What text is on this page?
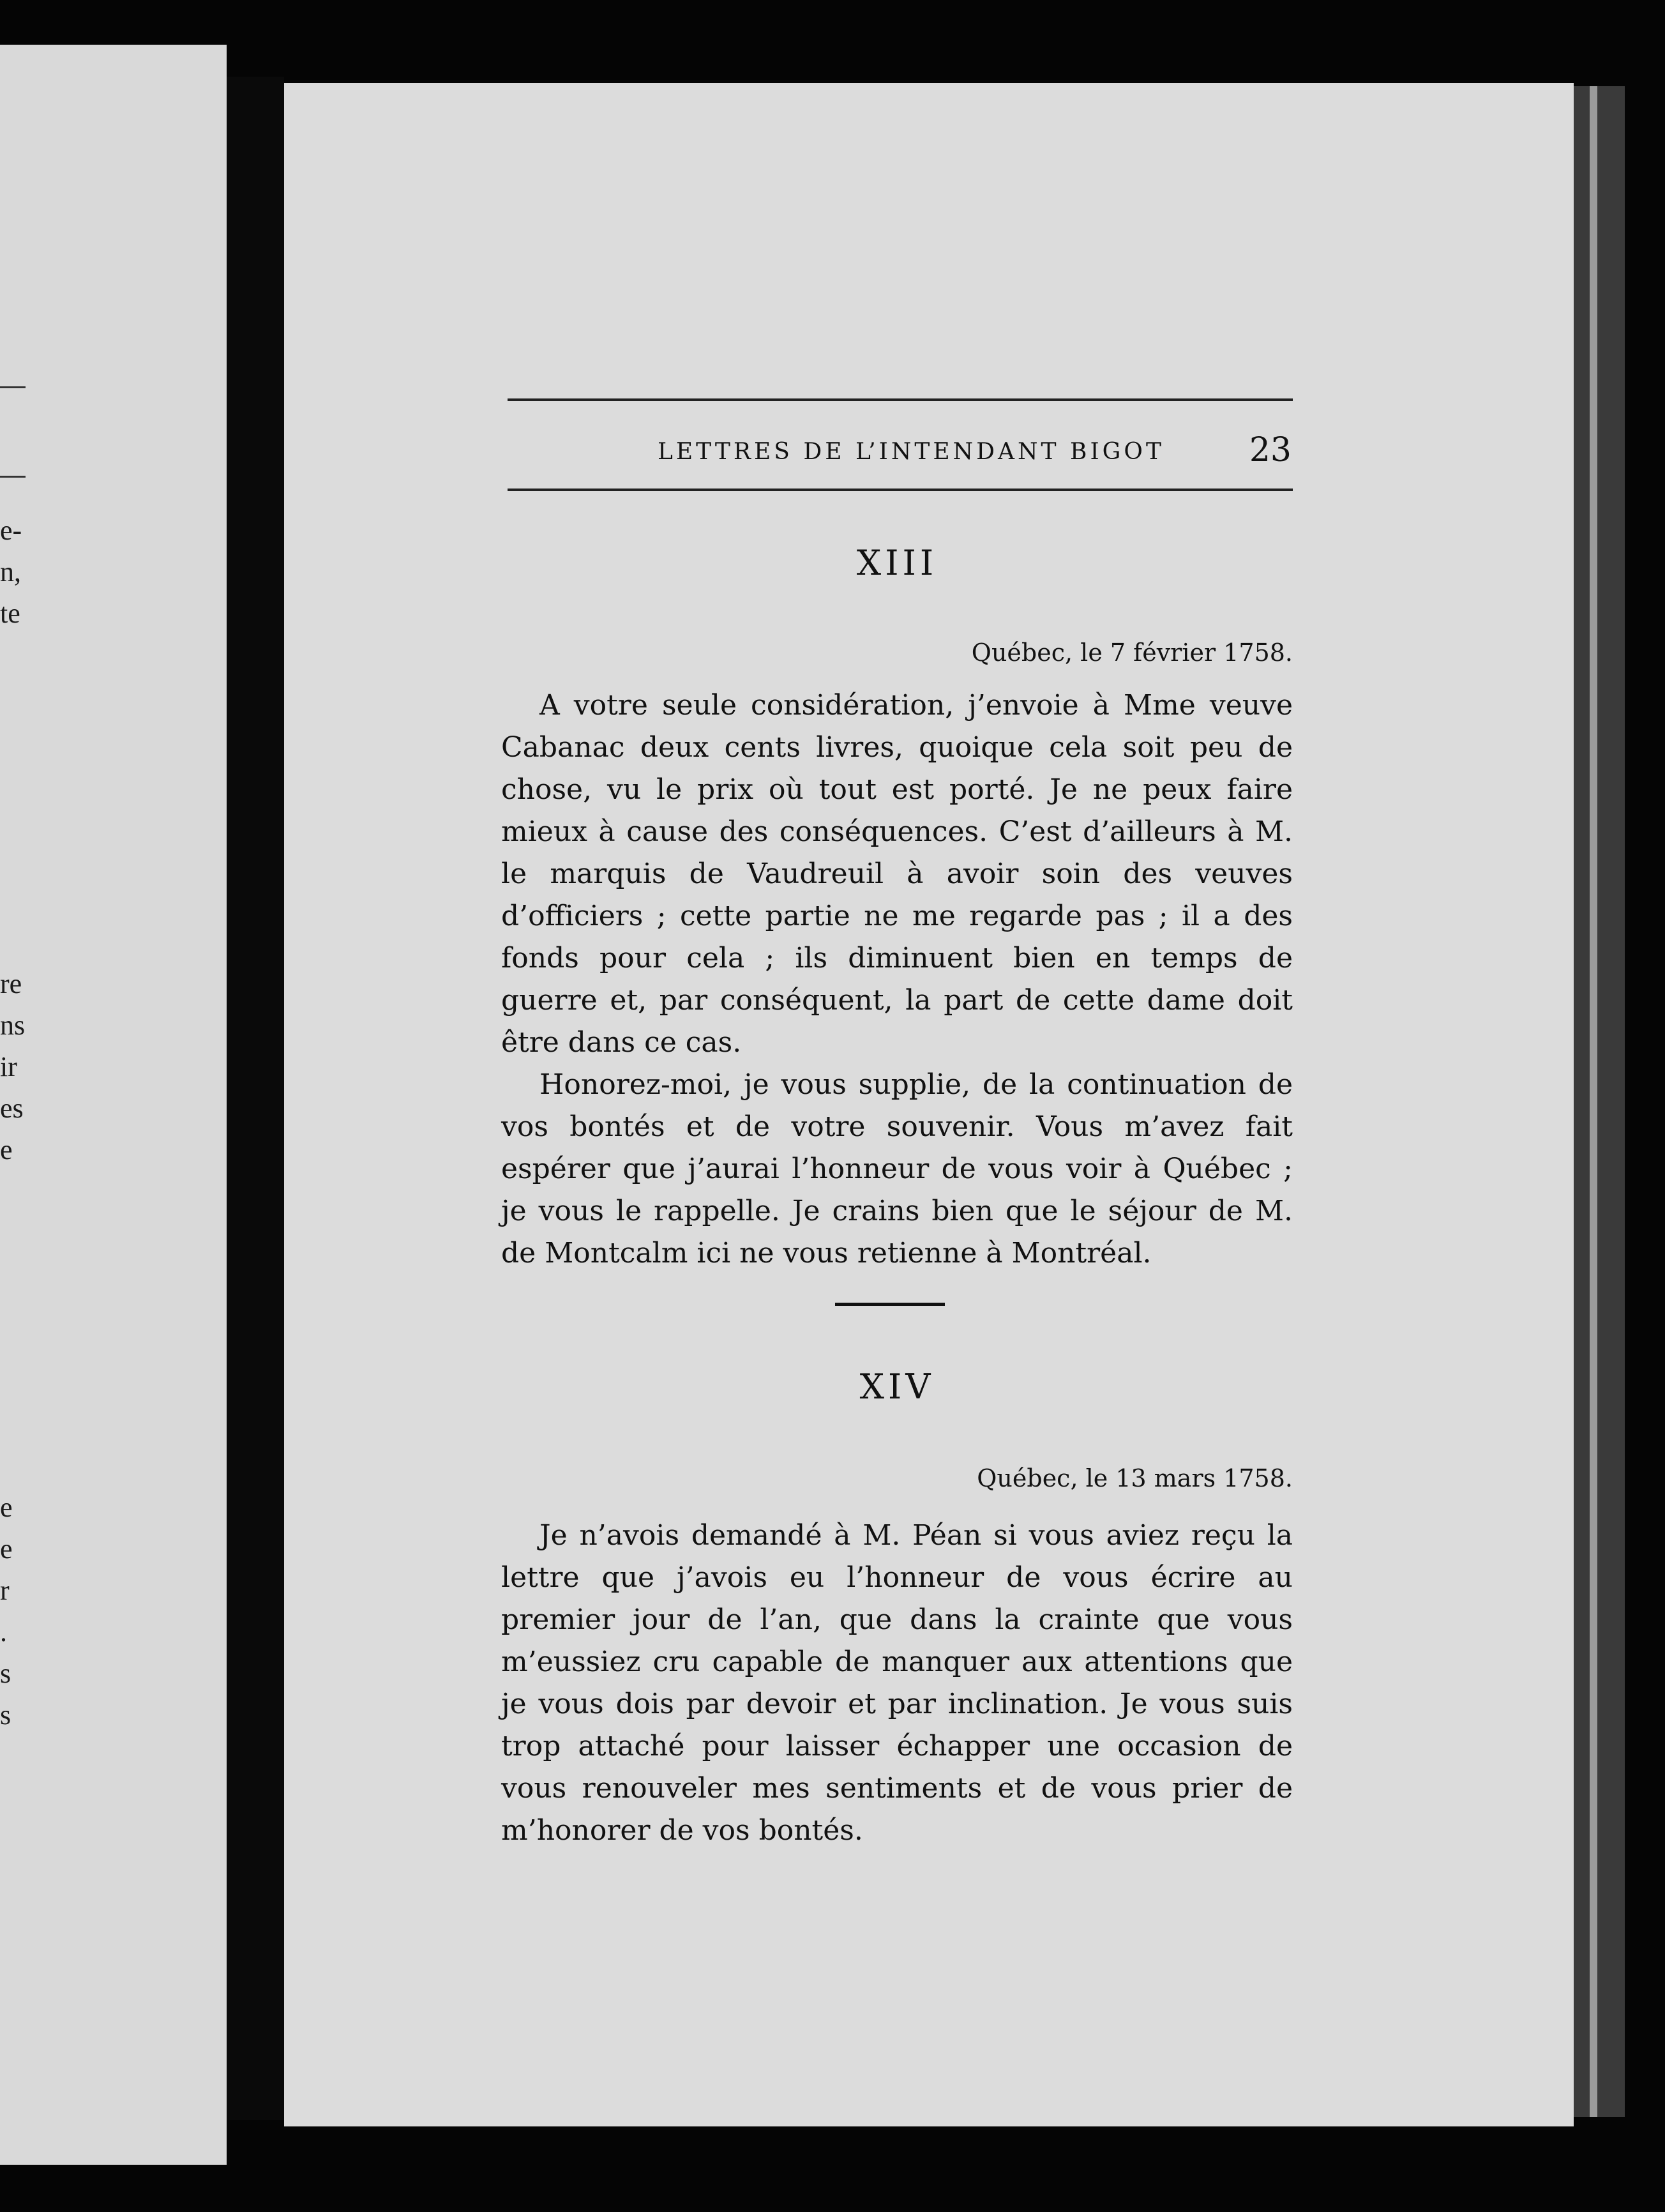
e-
n,
te
re
ns
ir
es
e
e
e
r
.
s
s
LETTRES DE L’INTENDANT BIGOT	23
XIII
Québec, le 7 février 1758.

A votre seule considération, j’envoie à Mme veuve Cabanac deux cents livres, quoique cela soit peu de chose, vu le prix où tout est porté. Je ne peux faire mieux à cause des conséquences. C’est d’ailleurs à M. le marquis de Vaudreuil à avoir soin des veuves d’officiers ; cette partie ne me regarde pas ; il a des fonds pour cela ; ils diminuent bien en temps de guerre et, par conséquent, la part de cette dame doit être dans ce cas.

Honorez-moi, je vous supplie, de la continuation de vos bontés et de votre souvenir. Vous m’avez fait espérer que j’aurai l’honneur de vous voir à Québec ; je vous le rappelle. Je crains bien que le séjour de M. de Montcalm ici ne vous retienne à Montréal.

XIV
Québec, le 13 mars 1758.

Je n’avois demandé à M. Péan si vous aviez reçu la lettre que j’avois eu l’honneur de vous écrire au premier jour de l’an, que dans la crainte que vous m’eussiez cru capable de manquer aux attentions que je vous dois par devoir et par inclination. Je vous suis trop attaché pour laisser échapper une occasion de vous renouveler mes sentiments et de vous prier de m’honorer de vos bontés.
